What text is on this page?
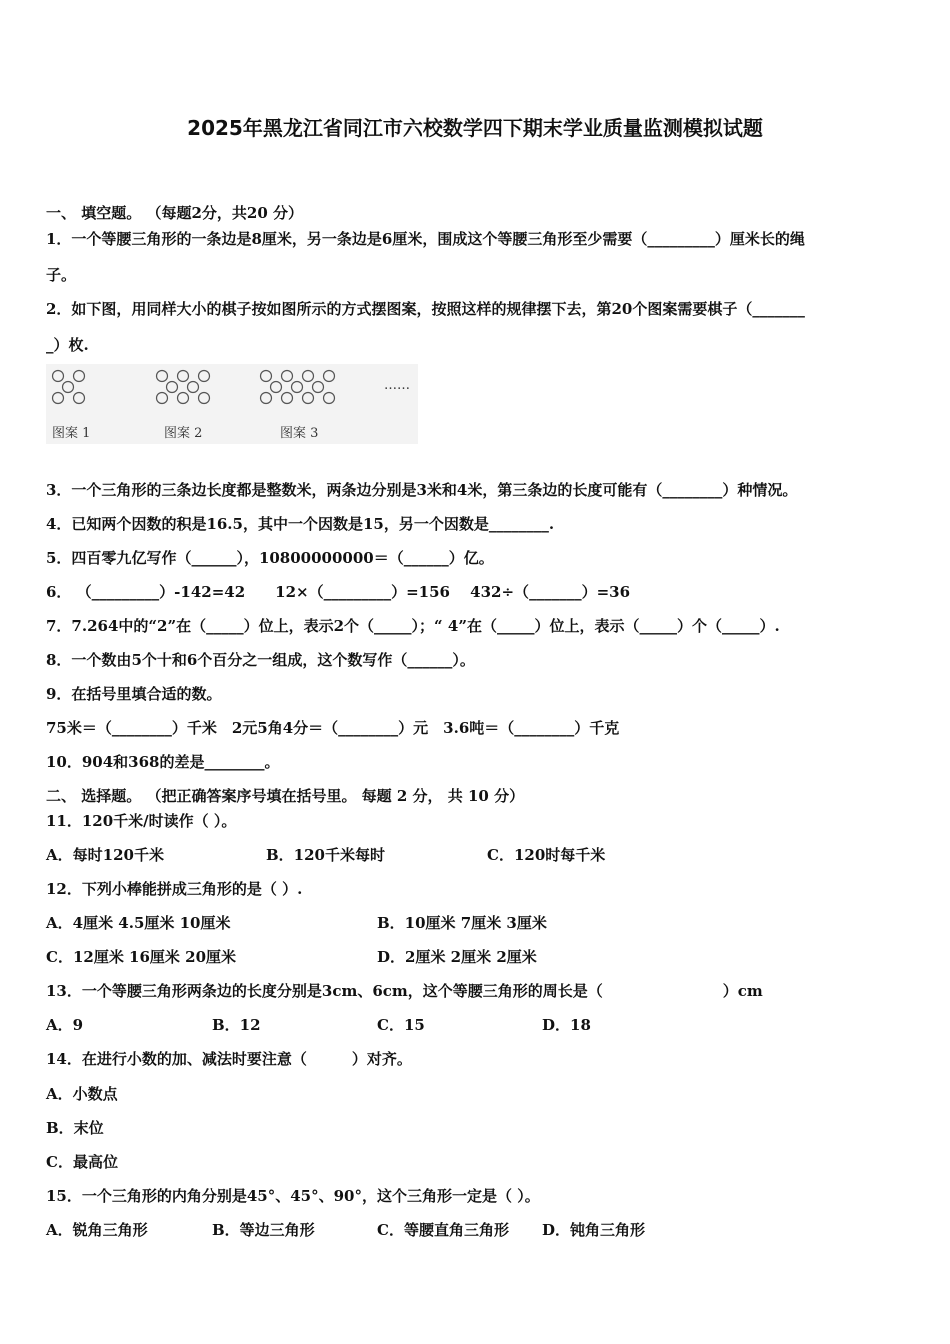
2025年黑龙江省同江市六校数学四下期末学业质量监测模拟试题
一、 填空题。 （每题2分，共20 分）
1．一个等腰三角形的一条边是8厘米，另一条边是6厘米，围成这个等腰三角形至少需要（_________）厘米长的绳
子。
2．如下图，用同样大小的棋子按如图所示的方式摆图案，按照这样的规律摆下去，第20个图案需要棋子（_______
_）枚.
图案 1	图案 2	图案 3
……
3．一个三角形的三条边长度都是整数米，两条边分别是3米和4米，第三条边的长度可能有（________）种情况。
4．已知两个因数的积是16.5，其中一个因数是15，另一个因数是________.
5．四百零九亿写作（______），10800000000＝（______）亿。
6． （_________）-142=42　　12×（_________）=156　 432÷（_______）=36
7．7.264中的“2”在（_____）位上，表示2个（_____）；“ 4”在（_____）位上，表示（_____）个（_____）.
8．一个数由5个十和6个百分之一组成，这个数写作（______）。
9．在括号里填合适的数。
75米＝（________）千米　2元5角4分＝（________）元　3.6吨＝（________）千克
10．904和368的差是________。
二、 选择题。 （把正确答案序号填在括号里。 每题 2 分， 共 10 分）
11．120千米/时读作（ ）。
A．每时120千米	B．120千米每时	C．120时每千米
12．下列小棒能拼成三角形的是（ ）.
A．4厘米 4.5厘米 10厘米	B．10厘米 7厘米 3厘米
C．12厘米 16厘米 20厘米	D．2厘米 2厘米 2厘米
13．一个等腰三角形两条边的长度分别是3cm、6cm，这个等腰三角形的周长是（　　　　　　　　）cm
A．9	B．12	C．15	D．18
14．在进行小数的加、减法时要注意（　　　）对齐。
A．小数点
B．末位
C．最高位
15．一个三角形的内角分别是45°、45°、90°，这个三角形一定是（ ）。
A．锐角三角形	B．等边三角形	C．等腰直角三角形 D．钝角三角形
